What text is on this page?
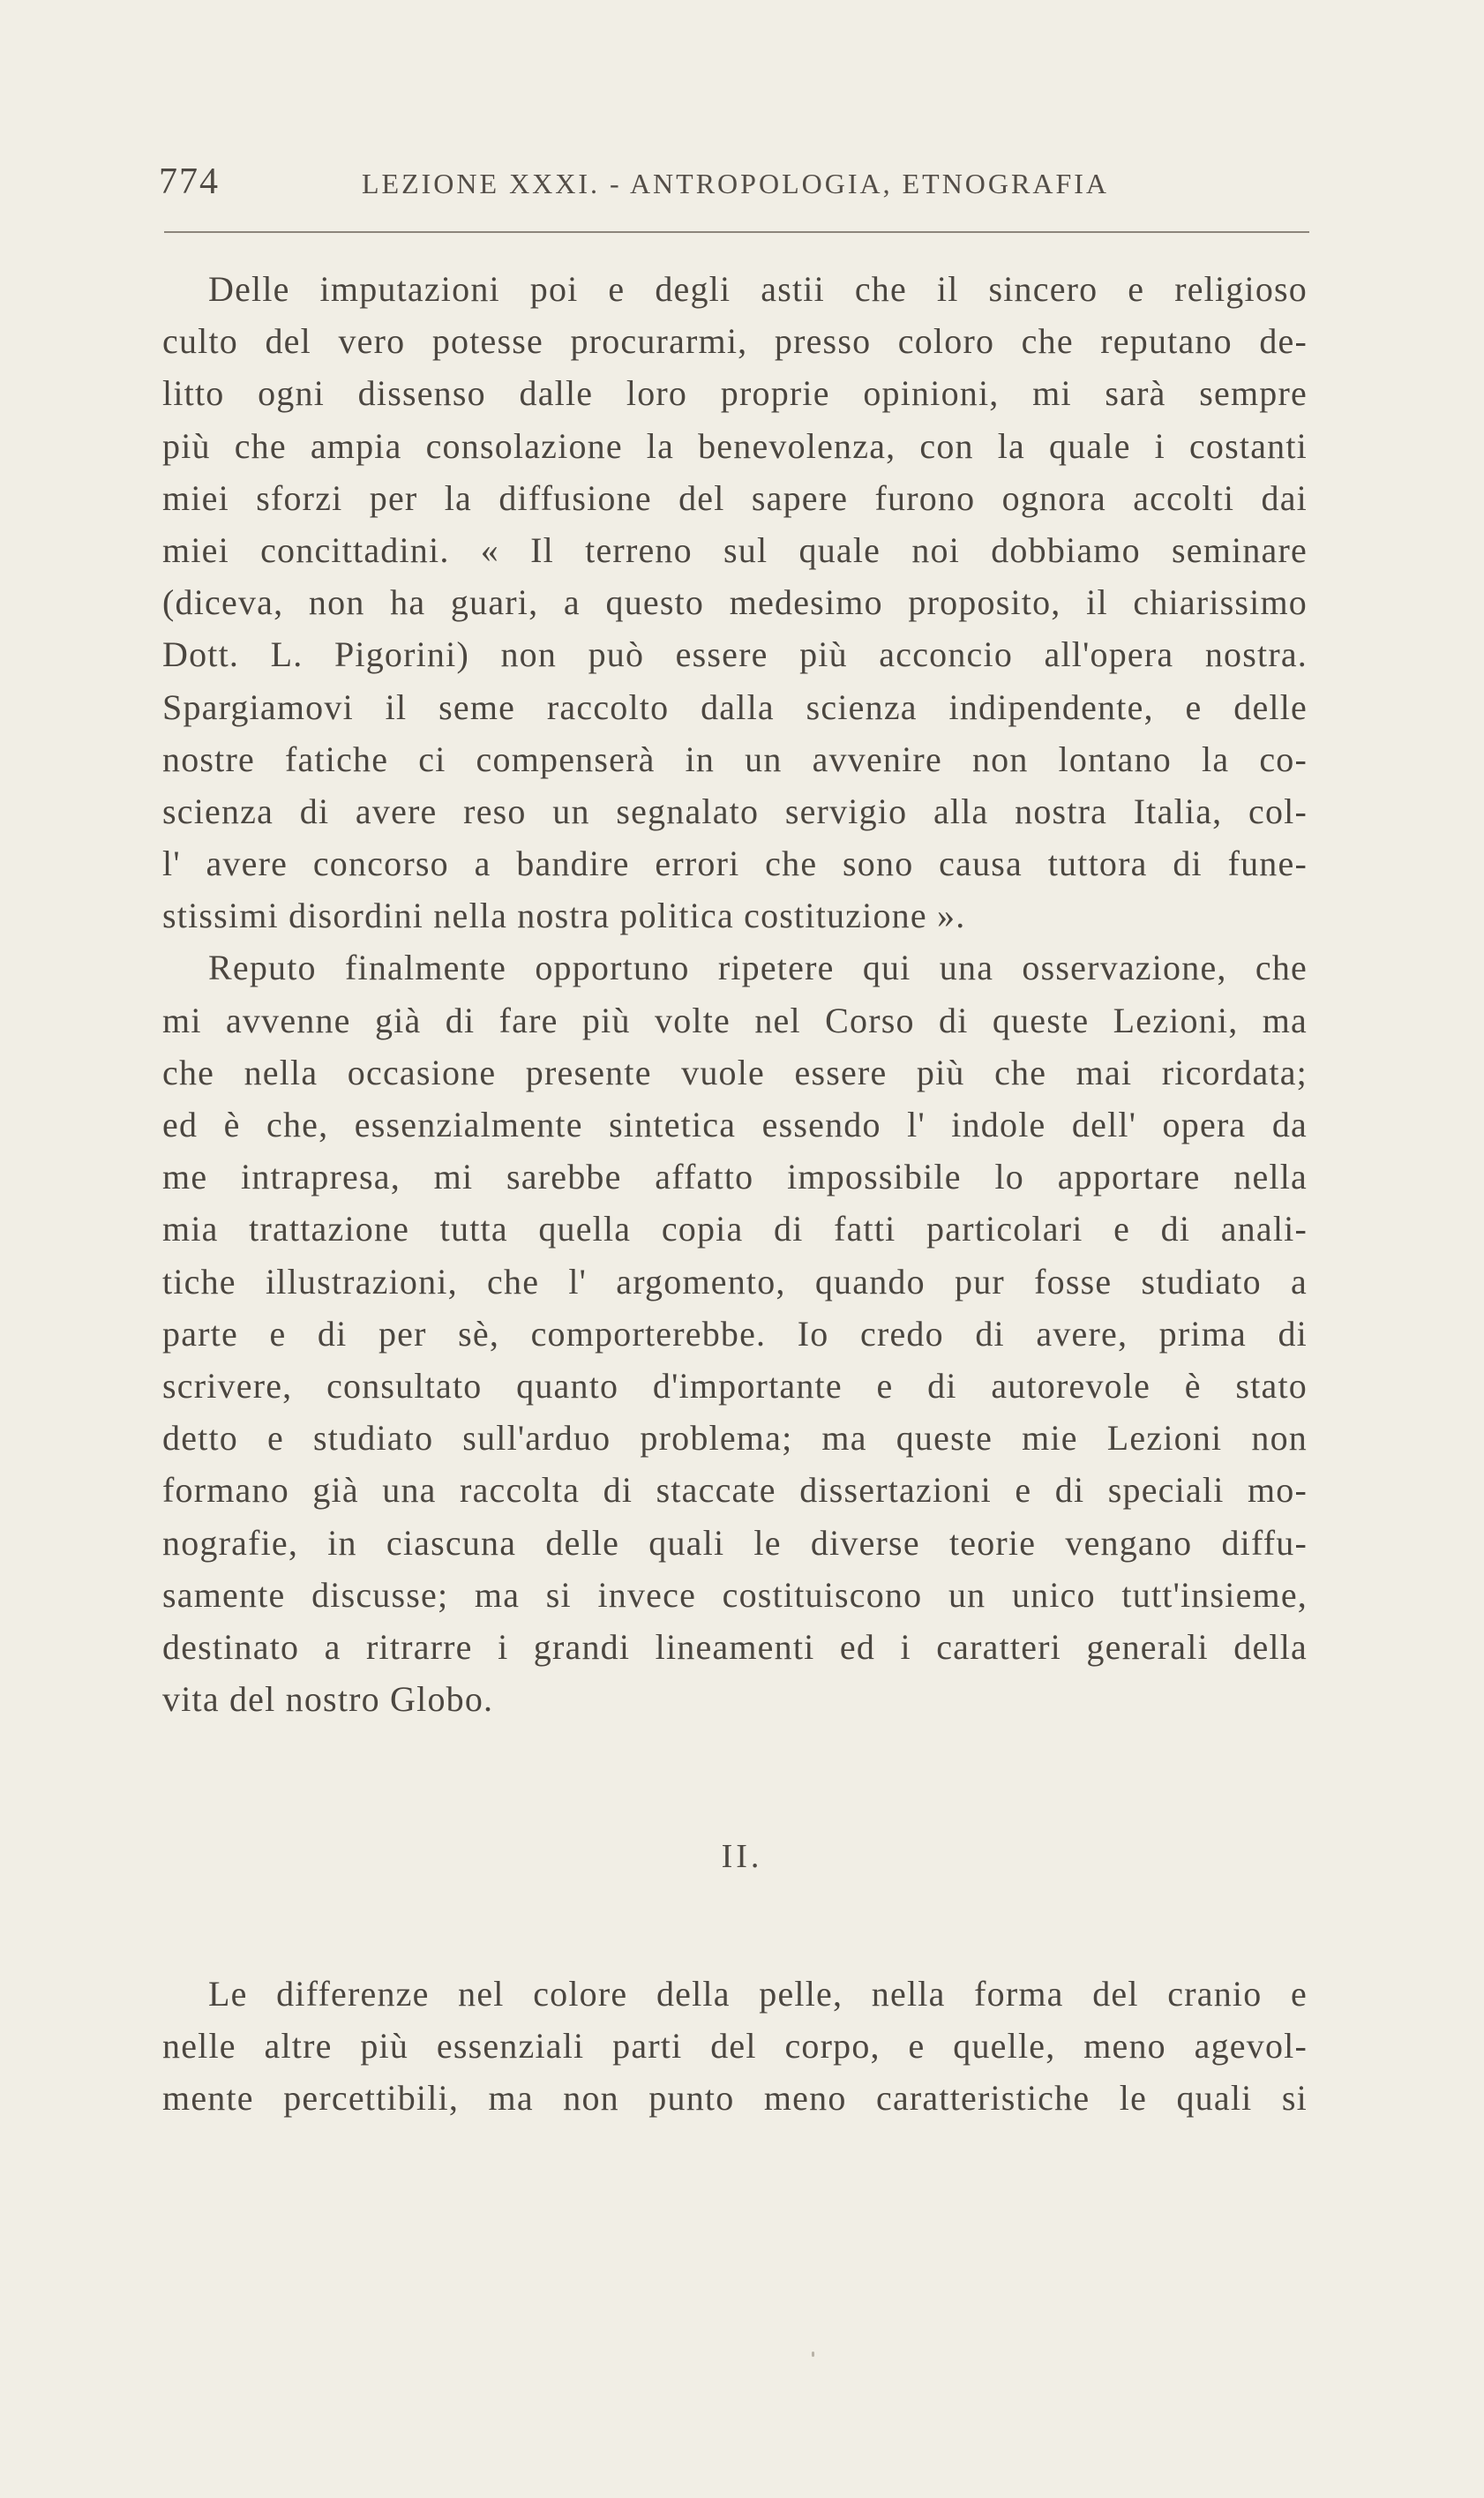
774	LEZIONE XXXI. - ANTROPOLOGIA, ETNOGRAFIA
Delle imputazioni poi e degli astii che il sincero e religioso
culto del vero potesse procurarmi, presso coloro che reputano de-
litto ogni dissenso dalle loro proprie opinioni, mi sarà sempre
più che ampia consolazione la benevolenza, con la quale i costanti
miei sforzi per la diffusione del sapere furono ognora accolti dai
miei concittadini. « Il terreno sul quale noi dobbiamo seminare
(diceva, non ha guari, a questo medesimo proposito, il chiarissimo
Dott. L. Pigorini) non può essere più acconcio all'opera nostra.
Spargiamovi il seme raccolto dalla scienza indipendente, e delle
nostre fatiche ci compenserà in un avvenire non lontano la co-
scienza di avere reso un segnalato servigio alla nostra Italia, col-
l' avere concorso a bandire errori che sono causa tuttora di fune-
stissimi disordini nella nostra politica costituzione ».
Reputo finalmente opportuno ripetere qui una osservazione, che
mi avvenne già di fare più volte nel Corso di queste Lezioni, ma
che nella occasione presente vuole essere più che mai ricordata;
ed è che, essenzialmente sintetica essendo l' indole dell' opera da
me intrapresa, mi sarebbe affatto impossibile lo apportare nella
mia trattazione tutta quella copia di fatti particolari e di anali-
tiche illustrazioni, che l' argomento, quando pur fosse studiato a
parte e di per sè, comporterebbe. Io credo di avere, prima di
scrivere, consultato quanto d'importante e di autorevole è stato
detto e studiato sull'arduo problema; ma queste mie Lezioni non
formano già una raccolta di staccate dissertazioni e di speciali mo-
nografie, in ciascuna delle quali le diverse teorie vengano diffu-
samente discusse; ma si invece costituiscono un unico tutt'insieme,
destinato a ritrarre i grandi lineamenti ed i caratteri generali della
vita del nostro Globo.
II.
Le differenze nel colore della pelle, nella forma del cranio e
nelle altre più essenziali parti del corpo, e quelle, meno agevol-
mente percettibili, ma non punto meno caratteristiche le quali si
